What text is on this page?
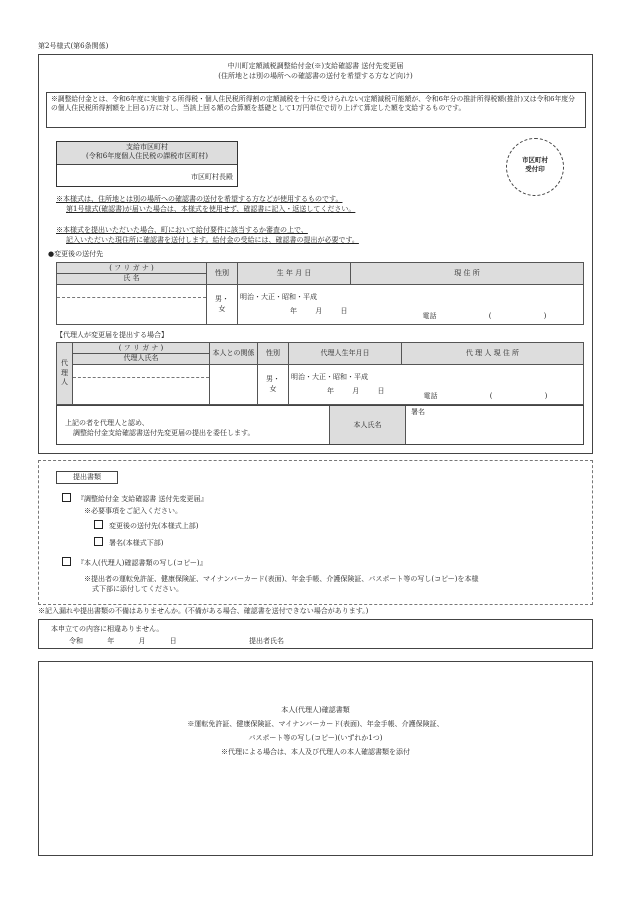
第2号様式(第6条関係)
中川町定額減税調整給付金(※)支給確認書 送付先変更届
(住所地とは別の場所への確認書の送付を希望する方など向け)
※調整給付金とは、令和6年度に実施する所得税・個人住民税所得割の定額減税を十分に受けられない(定額減税可能額が、令和6年分の推計所得税額(推計)又は令和6年度分の個人住民税所得割額を上回る)方に対し、当該上回る額の合算額を基礎として1万円単位で切り上げて算定した額を支給するものです。
支給市区町村
(令和6年度個人住民税の課税市区町村)
市区町村長殿
市区町村
受付印
※本様式は、住所地とは別の場所への確認書の送付を希望する方などが使用するものです。
第1号様式(確認書)が届いた場合は、本様式を使用せず、確認書に記入・返送してください。
※本様式を提出いただいた場合、町において給付要件に該当するか審査の上で、
記入いただいた現住所に確認書を送付します。給付金の受給には、確認書の提出が必要です。
●変更後の送付先
( フ リ ガ ナ )
氏 名	性別	生 年 月 日	現 住 所

	男・女	明治・大正・昭和・平成
年 月 日	電話 ( )
【代理人が変更届を提出する場合】
代理人	( フ リ ガ ナ )
代理人氏名	本人との関係	性別	代理人生年月日	代 理 人 現 住 所

			男・女	明治・大正・昭和・平成
年 月 日	電話 ( )
上記の者を代理人と認め、
調整給付金支給確認書送付先変更届の提出を委任します。
本人氏名
署名
提出書類
『調整給付金 支給確認書 送付先変更届』
※必要事項をご記入ください。
変更後の送付先(本様式上部)
署名(本様式下部)
『本人(代理人)確認書類の写し(コピー)』
※提出者の運転免許証、健康保険証、マイナンバーカード(表面)、年金手帳、介護保険証、パスポート等の写し(コピー)を本様
式下部に添付してください。
※記入漏れや提出書類の不備はありませんか。(不備がある場合、確認書を送付できない場合があります。)
本申立ての内容に相違ありません。
令和 年 月 日	提出者氏名
本人(代理人)確認書類
※運転免許証、健康保険証、マイナンバーカード(表面)、年金手帳、介護保険証、
パスポート等の写し(コピー)(いずれか1つ)
※代理による場合は、本人及び代理人の本人確認書類を添付
